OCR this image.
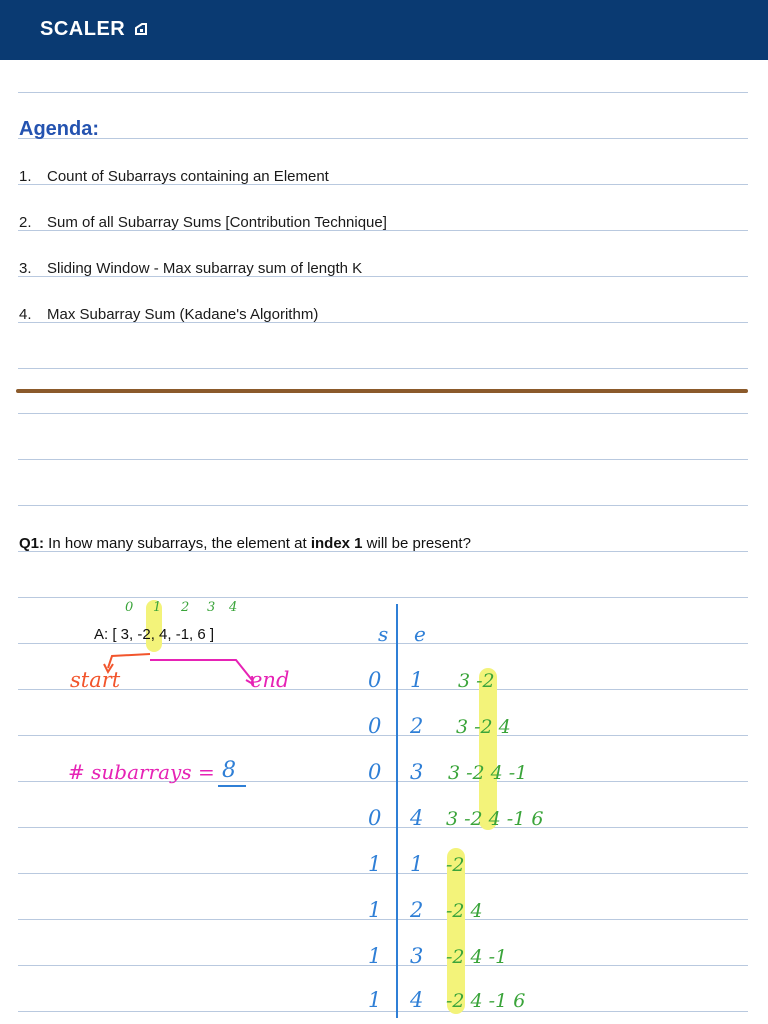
SCALER
Agenda:
1. Count of Subarrays containing an Element
2. Sum of all Subarray Sums [Contribution Technique]
3. Sliding Window - Max subarray sum of length K
4. Max Subarray Sum (Kadane's Algorithm)
Q1: In how many subarrays, the element at index 1 will be present?
0 1 2 3 4
A: [ 3, -2, 4, -1, 6 ]
start	end
# subarrays = 8
s e
0 1 3 -2
0 2 3 -2 4
0 3 3 -2 4 -1
0 4 3 -2 4 -1 6
1 1 -2
1 2 -2 4
1 3 -2 4 -1
1 4 -2 4 -1 6
